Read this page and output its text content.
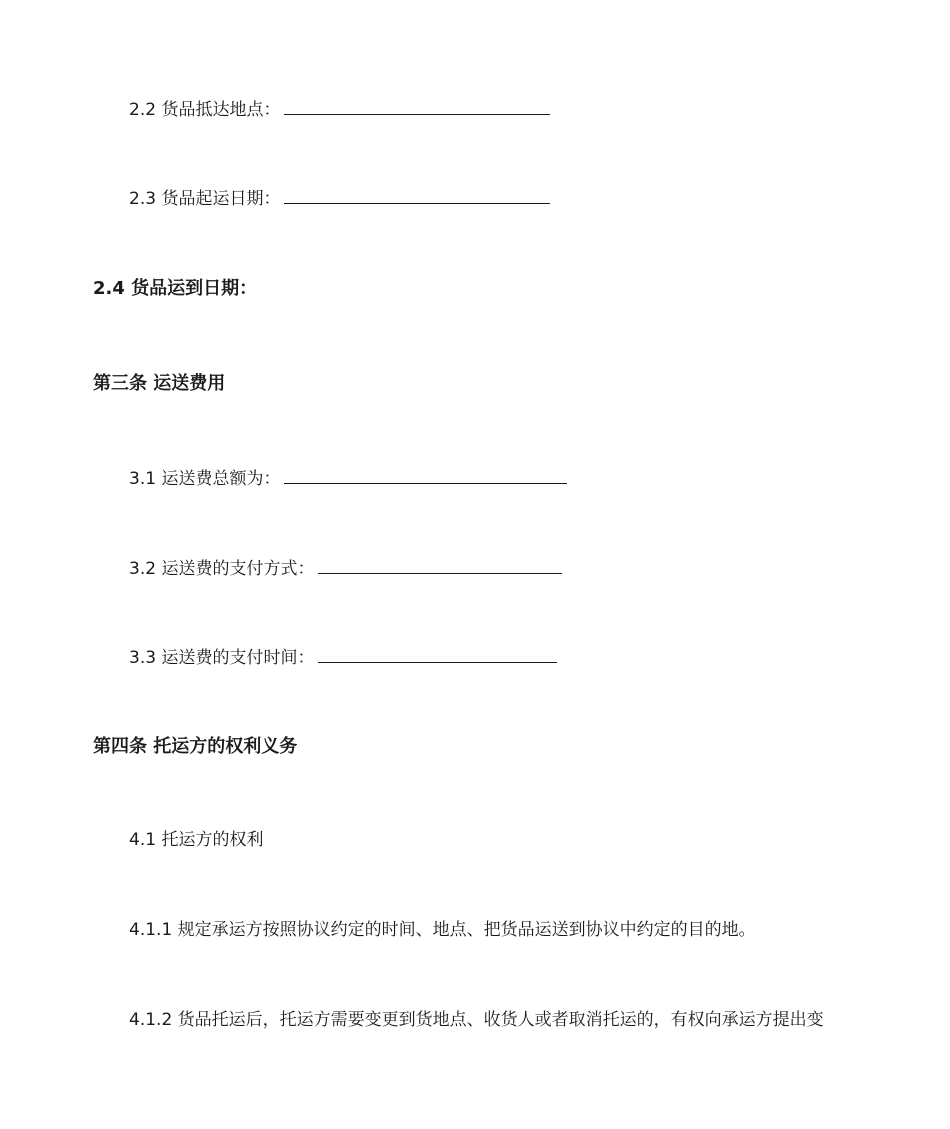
2.2 货品抵达地点：
2.3 货品起运日期：
2.4 货品运到日期：
第三条 运送费用
3.1 运送费总额为：
3.2 运送费的支付方式：
3.3 运送费的支付时间：
第四条 托运方的权利义务
4.1 托运方的权利
4.1.1 规定承运方按照协议约定的时间、地点、把货品运送到协议中约定的目的地。
4.1.2 货品托运后，托运方需要变更到货地点、收货人或者取消托运的，有权向承运方提出变
